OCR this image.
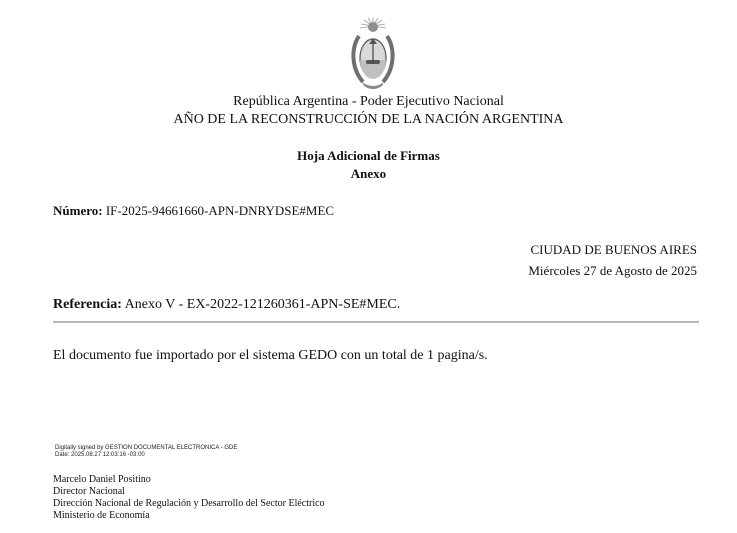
República Argentina - Poder Ejecutivo Nacional
AÑO DE LA RECONSTRUCCIÓN DE LA NACIÓN ARGENTINA
Hoja Adicional de Firmas
Anexo
Número: IF-2025-94661660-APN-DNRYDSE#MEC
CIUDAD DE BUENOS AIRES
Miércoles 27 de Agosto de 2025
Referencia: Anexo V - EX-2022-121260361-APN-SE#MEC.
El documento fue importado por el sistema GEDO con un total de 1 pagina/s.
Digitally signed by GESTION DOCUMENTAL ELECTRONICA - GDE
Date: 2025.08.27 12:03:16 -03:00
Marcelo Daniel Positino
Director Nacional
Dirección Nacional de Regulación y Desarrollo del Sector Eléctrico
Ministerio de Economía
